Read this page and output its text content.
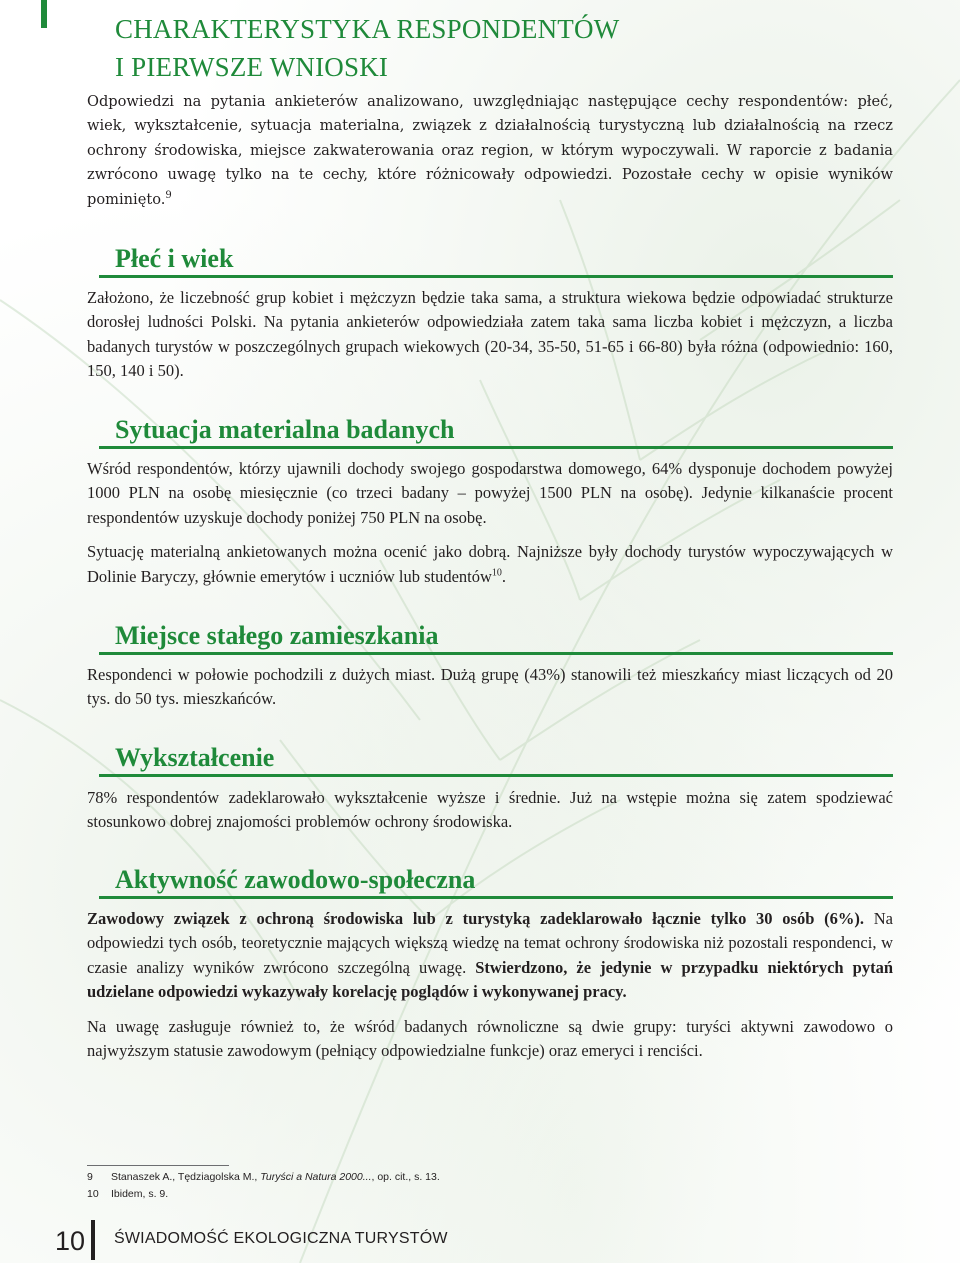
CHARAKTERYSTYKA RESPONDENTÓW
I PIERWSZE WNIOSKI

Odpowiedzi na pytania ankieterów analizowano, uwzględniając następujące cechy respondentów: płeć, wiek, wykształcenie, sytuacja materialna, związek z działalnością turystyczną lub działalnością na rzecz ochrony środowiska, miejsce zakwaterowania oraz region, w którym wypoczywali. W raporcie z badania zwrócono uwagę tylko na te cechy, które różnicowały odpowiedzi. Pozostałe cechy w opisie wyników pominięto.$^9$

Płeć i wiek

Założono, że liczebność grup kobiet i mężczyzn będzie taka sama, a struktura wiekowa będzie odpowiadać strukturze dorosłej ludności Polski. Na pytania ankieterów odpowiedziała zatem taka sama liczba kobiet i mężczyzn, a liczba badanych turystów w poszczególnych grupach wiekowych (20-34, 35-50, 51-65 i 66-80) była różna (odpowiednio: 160, 150, 140 i 50).

Sytuacja materialna badanych

Wśród respondentów, którzy ujawnili dochody swojego gospodarstwa domowego, 64% dysponuje dochodem powyżej 1000 PLN na osobę miesięcznie (co trzeci badany – powyżej 1500 PLN na osobę). Jedynie kilkanaście procent respondentów uzyskuje dochody poniżej 750 PLN na osobę.

Sytuację materialną ankietowanych można ocenić jako dobrą. Najniższe były dochody turystów wypoczywających w Dolinie Baryczy, głównie emerytów i uczniów lub studentów$^{10}$.

Miejsce stałego zamieszkania

Respondenci w połowie pochodzili z dużych miast. Dużą grupę (43%) stanowili też mieszkańcy miast liczących od 20 tys. do 50 tys. mieszkańców.

Wykształcenie

78% respondentów zadeklarowało wykształcenie wyższe i średnie. Już na wstępie można się zatem spodziewać stosunkowo dobrej znajomości problemów ochrony środowiska.

Aktywność zawodowo-społeczna

Zawodowy związek z ochroną środowiska lub z turystyką zadeklarowało łącznie tylko 30 osób (6%). Na odpowiedzi tych osób, teoretycznie mających większą wiedzę na temat ochrony środowiska niż pozostali respondenci, w czasie analizy wyników zwrócono szczególną uwagę. Stwierdzono, że jedynie w przypadku niektórych pytań udzielane odpowiedzi wykazywały korelację poglądów i wykonywanej pracy.

Na uwagę zasługuje również to, że wśród badanych równoliczne są dwie grupy: turyści aktywni zawodowo o najwyższym statusie zawodowym (pełniący odpowiedzialne funkcje) oraz emeryci i renciści.

9 Stanaszek A., Tędziagolska M., Turyści a Natura 2000..., op. cit., s. 13.
10 Ibidem, s. 9.
10 ŚWIADOMOŚĆ EKOLOGICZNA TURYSTÓW
